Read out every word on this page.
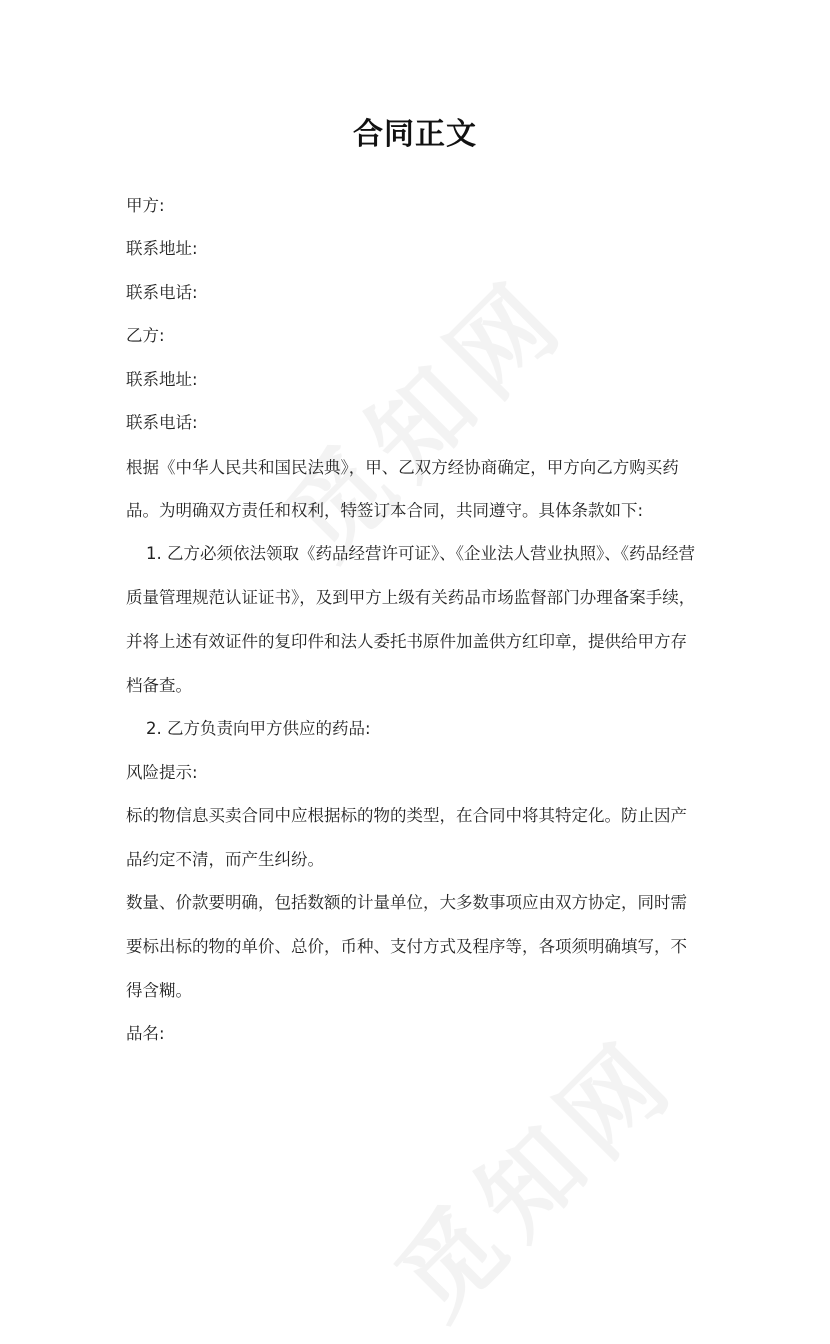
合同正文
甲方:
联系地址:
联系电话:
乙方:
联系地址:
联系电话:
根据《中华人民共和国民法典》，甲、乙双方经协商确定，甲方向乙方购买药
品。为明确双方责任和权利，特签订本合同，共同遵守。具体条款如下:
1. 乙方必须依法领取《药品经营许可证》、《企业法人营业执照》、《药品经营
质量管理规范认证证书》，及到甲方上级有关药品市场监督部门办理备案手续，
并将上述有效证件的复印件和法人委托书原件加盖供方红印章，提供给甲方存
档备查。
2. 乙方负责向甲方供应的药品:
风险提示:
标的物信息买卖合同中应根据标的物的类型，在合同中将其特定化。防止因产
品约定不清，而产生纠纷。
数量、价款要明确，包括数额的计量单位，大多数事项应由双方协定，同时需
要标出标的物的单价、总价，币种、支付方式及程序等，各项须明确填写，不
得含糊。
品名:
